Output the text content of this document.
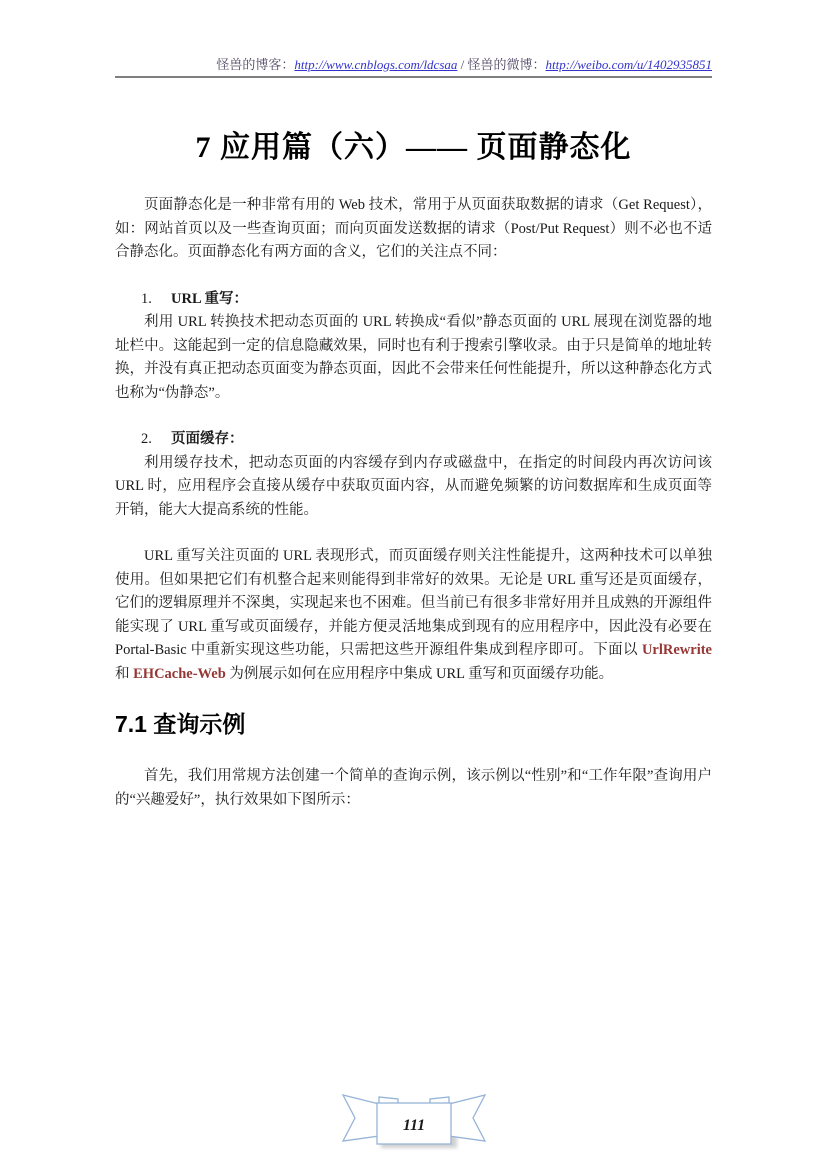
怪兽的博客：http://www.cnblogs.com/ldcsaa / 怪兽的微博：http://weibo.com/u/1402935851
7 应用篇（六）—— 页面静态化

页面静态化是一种非常有用的 Web 技术，常用于从页面获取数据的请求（Get Request），如：网站首页以及一些查询页面；而向页面发送数据的请求（Post/Put Request）则不必也不适合静态化。页面静态化有两方面的含义，它们的关注点不同：

1. URL 重写：

利用 URL 转换技术把动态页面的 URL 转换成“看似”静态页面的 URL 展现在浏览器的地址栏中。这能起到一定的信息隐藏效果，同时也有利于搜索引擎收录。由于只是简单的地址转换，并没有真正把动态页面变为静态页面，因此不会带来任何性能提升，所以这种静态化方式也称为“伪静态”。

2. 页面缓存：

利用缓存技术，把动态页面的内容缓存到内存或磁盘中，在指定的时间段内再次访问该 URL 时，应用程序会直接从缓存中获取页面内容，从而避免频繁的访问数据库和生成页面等开销，能大大提高系统的性能。

URL 重写关注页面的 URL 表现形式，而页面缓存则关注性能提升，这两种技术可以单独使用。但如果把它们有机整合起来则能得到非常好的效果。无论是 URL 重写还是页面缓存，它们的逻辑原理并不深奥，实现起来也不困难。但当前已有很多非常好用并且成熟的开源组件能实现了 URL 重写或页面缓存，并能方便灵活地集成到现有的应用程序中，因此没有必要在 Portal-Basic 中重新实现这些功能，只需把这些开源组件集成到程序即可。下面以 UrlRewrite 和 EHCache-Web 为例展示如何在应用程序中集成 URL 重写和页面缓存功能。

7.1 查询示例

首先，我们用常规方法创建一个简单的查询示例，该示例以“性别”和“工作年限”查询用户的“兴趣爱好”，执行效果如下图所示：

111
